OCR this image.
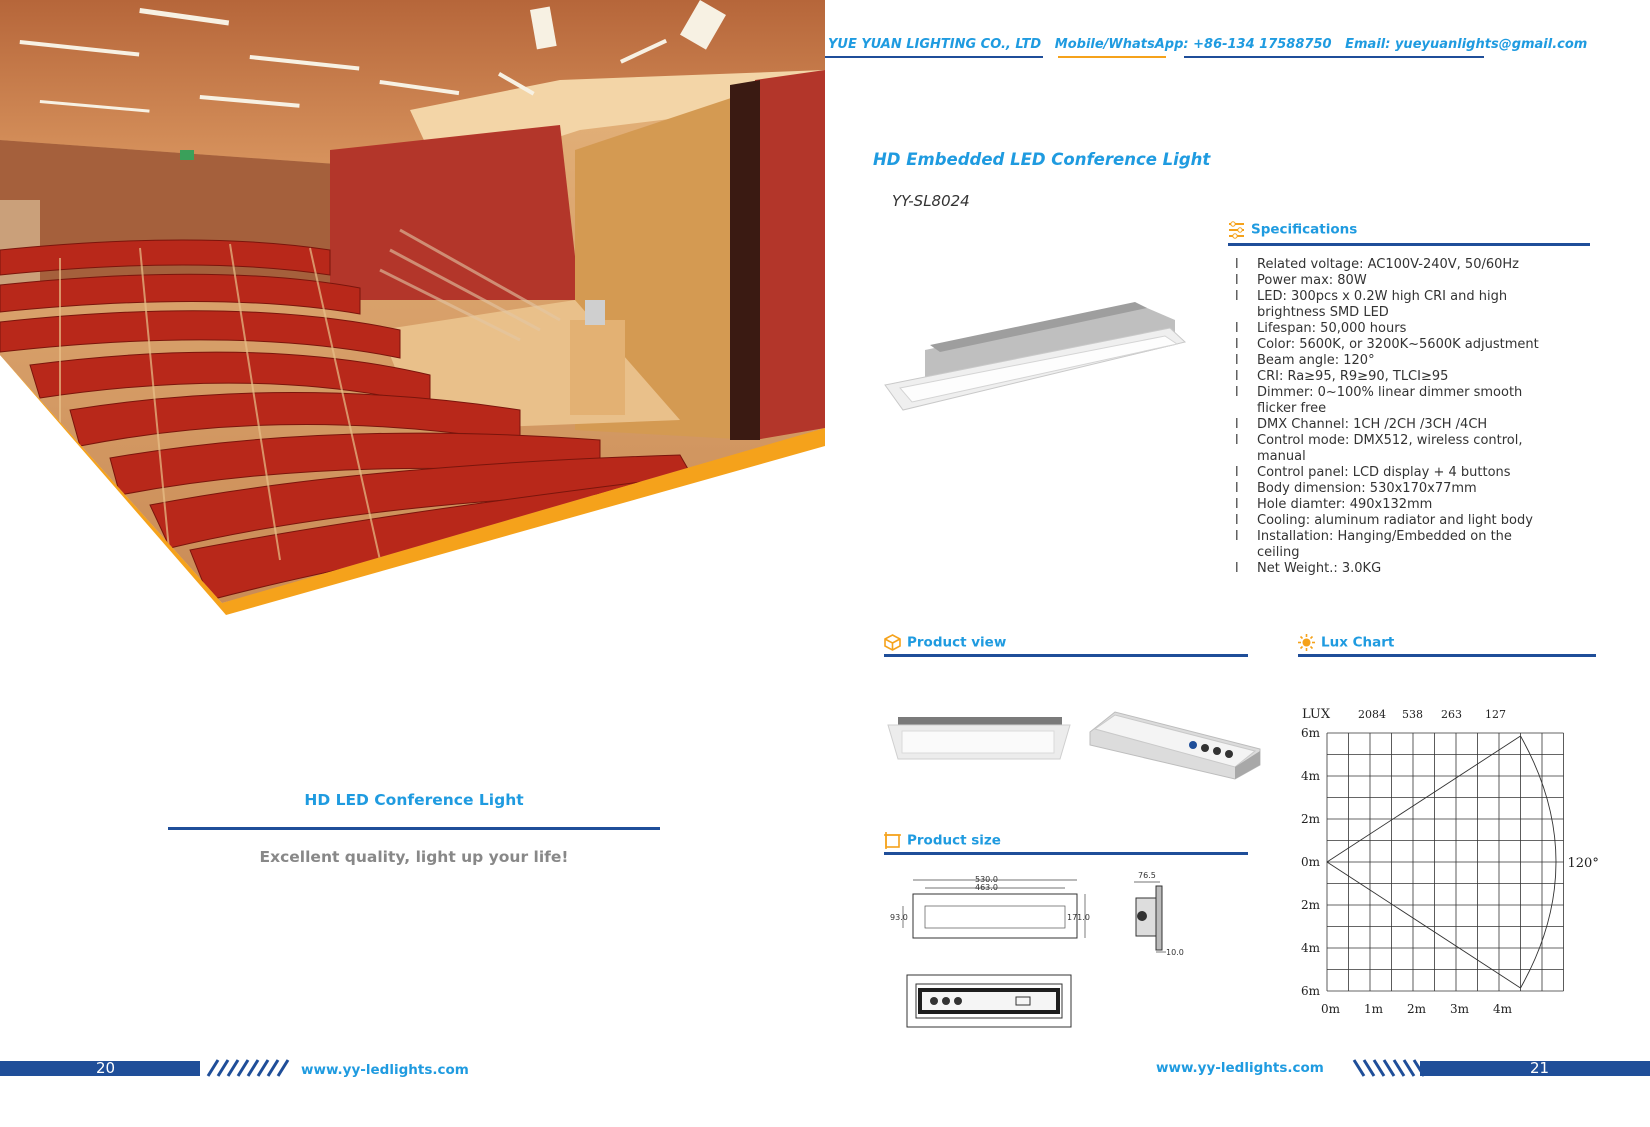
HD LED Conference Light
Excellent quality, light up your life!
YUE YUAN LIGHTING CO., LTD Mobile/WhatsApp: +86-134 17588750 Email: yueyuanlights@gmail.com
HD Embedded LED Conference Light
YY-SL8024
Specifications
l Related voltage: AC100V-240V, 50/60Hz
l Power max: 80W
l LED: 300pcs x 0.2W high CRI and high brightness SMD LED
l Lifespan: 50,000 hours
l Color: 5600K, or 3200K~5600K adjustment
l Beam angle: 120°
l CRI: Ra≥95, R9≥90, TLCI≥95
l Dimmer: 0~100% linear dimmer smooth flicker free
l DMX Channel: 1CH /2CH /3CH /4CH
l Control mode: DMX512, wireless control, manual
l Control panel: LCD display + 4 buttons
l Body dimension: 530x170x77mm
l Hole diamter: 490x132mm
l Cooling: aluminum radiator and light body
l Installation: Hanging/Embedded on the ceiling
l Net Weight.: 3.0KG
Product view
Product size
530.0
463.0
93.0	171.0
76.5
10.0
Lux Chart
LUX	2084 538 263 127
6m
4m
2m
0m
2m
4m
6m
0m 1m 2m 3m 4m
120°
20	www.yy-ledlights.com	www.yy-ledlights.com	21
